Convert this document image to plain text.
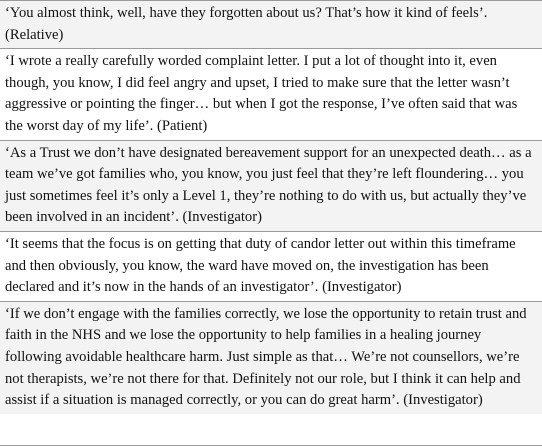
‘You almost think, well, have they forgotten about us? That’s how it kind of feels’. (Relative)
‘I wrote a really carefully worded complaint letter. I put a lot of thought into it, even though, you know, I did feel angry and upset, I tried to make sure that the letter wasn’t aggressive or pointing the finger… but when I got the response, I’ve often said that was the worst day of my life’. (Patient)
‘As a Trust we don’t have designated bereavement support for an unexpected death… as a team we’ve got families who, you know, you just feel that they’re left floundering… you just sometimes feel it’s only a Level 1, they’re nothing to do with us, but actually they’ve been involved in an incident’. (Investigator)
‘It seems that the focus is on getting that duty of candor letter out within this timeframe and then obviously, you know, the ward have moved on, the investigation has been declared and it’s now in the hands of an investigator’. (Investigator)
‘If we don’t engage with the families correctly, we lose the opportunity to retain trust and faith in the NHS and we lose the opportunity to help families in a healing journey following avoidable healthcare harm. Just simple as that… We’re not counsellors, we’re not therapists, we’re not there for that. Definitely not our role, but I think it can help and assist if a situation is managed correctly, or you can do great harm’. (Investigator)
